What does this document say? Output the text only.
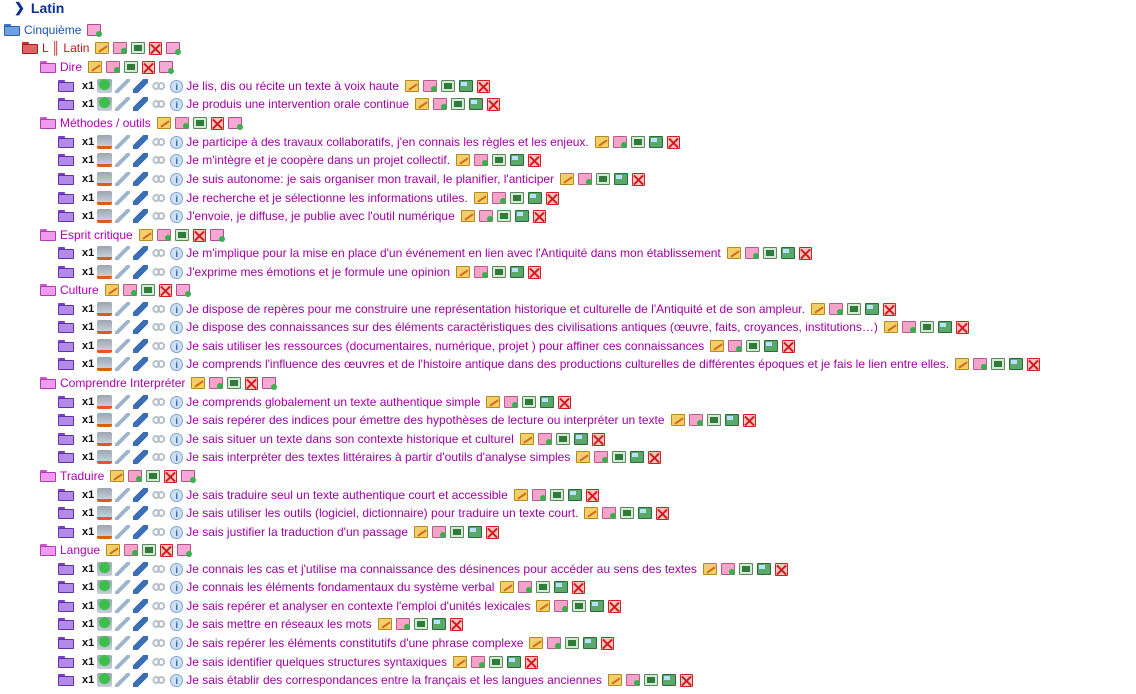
❯ Latin
Cinquième
L ║ Latin
Dire
x1	i Je lis, dis ou récite un texte à voix haute
x1	i Je produis une intervention orale continue
Méthodes / outils
x1	i Je participe à des travaux collaboratifs, j'en connais les règles et les enjeux.
x1	i Je m'intègre et je coopère dans un projet collectif.
x1	i Je suis autonome: je sais organiser mon travail, le planifier, l'anticiper
x1	i Je recherche et je sélectionne les informations utiles.
x1	i J'envoie, je diffuse, je publie avec l'outil numérique
Esprit critique
x1	i Je m'implique pour la mise en place d'un événement en lien avec l'Antiquité dans mon établissement
x1	i J'exprime mes émotions et je formule une opinion
Culture
x1	i Je dispose de repères pour me construire une représentation historique et culturelle de l'Antiquité et de son ampleur.
x1	i Je dispose des connaissances sur des éléments caractéristiques des civilisations antiques (œuvre, faits, croyances, institutions…)
x1	i Je sais utiliser les ressources (documentaires, numérique, projet ) pour affiner ces connaissances
x1	i Je comprends l'influence des œuvres et de l'histoire antique dans des productions culturelles de différentes époques et je fais le lien entre elles.
Comprendre Interpréter
x1	i Je comprends globalement un texte authentique simple
x1	i Je sais repérer des indices pour émettre des hypothèses de lecture ou interpréter un texte
x1	i Je sais situer un texte dans son contexte historique et culturel
x1	i Je sais interpréter des textes littéraires à partir d'outils d'analyse simples
Traduire
x1	i Je sais traduire seul un texte authentique court et accessible
x1	i Je sais utiliser les outils (logiciel, dictionnaire) pour traduire un texte court.
x1	i Je sais justifier la traduction d'un passage
Langue
x1	i Je connais les cas et j'utilise ma connaissance des désinences pour accéder au sens des textes
x1	i Je connais les éléments fondamentaux du système verbal
x1	i Je sais repérer et analyser en contexte l'emploi d'unités lexicales
x1	i Je sais mettre en réseaux les mots
x1	i Je sais repérer les éléments constitutifs d'une phrase complexe
x1	i Je sais identifier quelques structures syntaxiques
x1	i Je sais établir des correspondances entre la français et les langues anciennes
